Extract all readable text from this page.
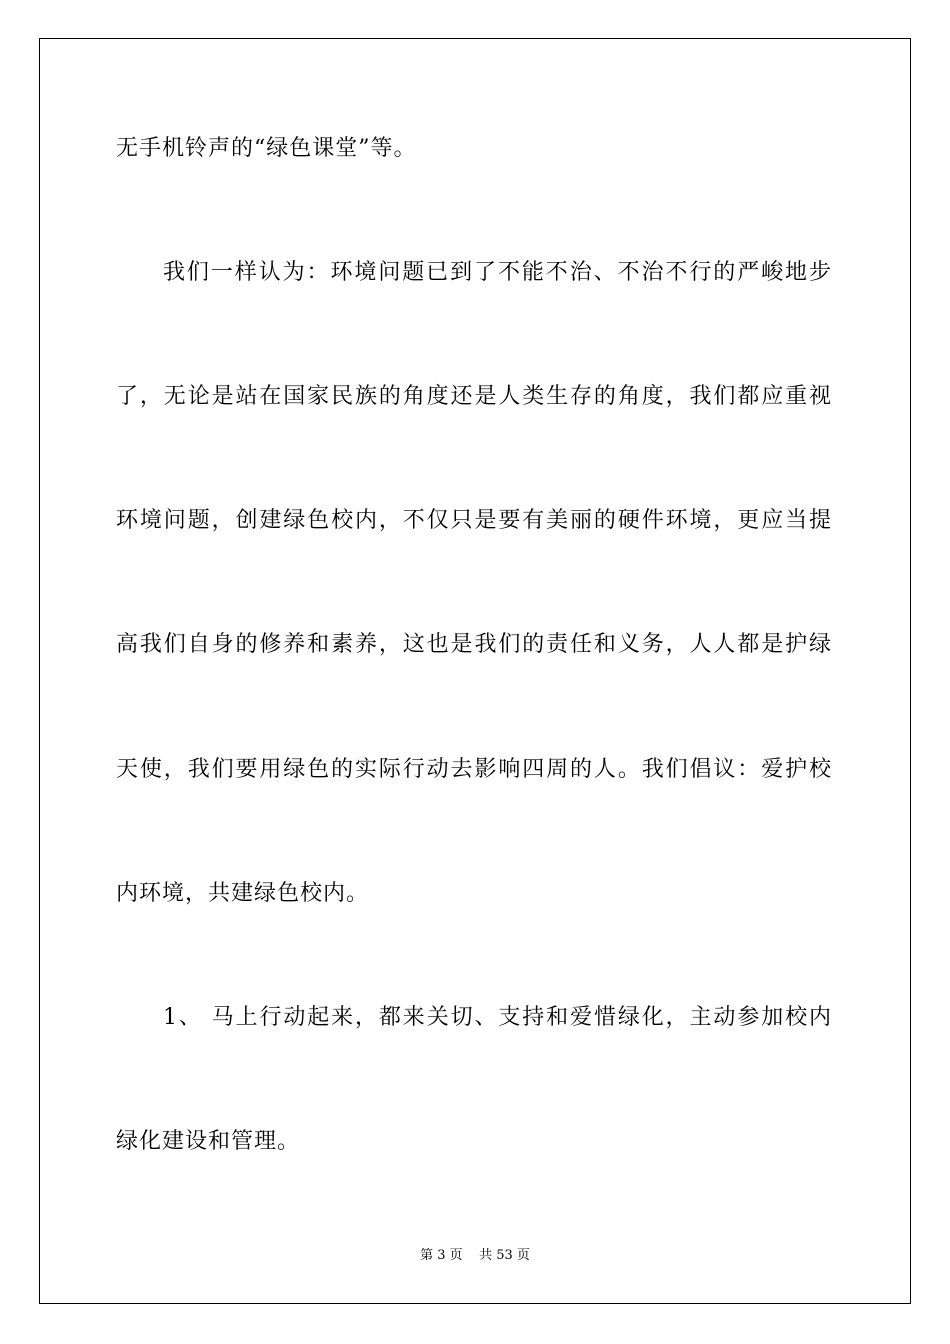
无手机铃声的“绿色课堂”等。
我们一样认为：环境问题已到了不能不治、不治不行的严峻地步
了，无论是站在国家民族的角度还是人类生存的角度，我们都应重视
环境问题，创建绿色校内，不仅只是要有美丽的硬件环境，更应当提
高我们自身的修养和素养，这也是我们的责任和义务，人人都是护绿
天使，我们要用绿色的实际行动去影响四周的人。我们倡议：爱护校
内环境，共建绿色校内。
1、 马上行动起来，都来关切、支持和爱惜绿化，主动参加校内
绿化建设和管理。
第 3 页    共 53 页
